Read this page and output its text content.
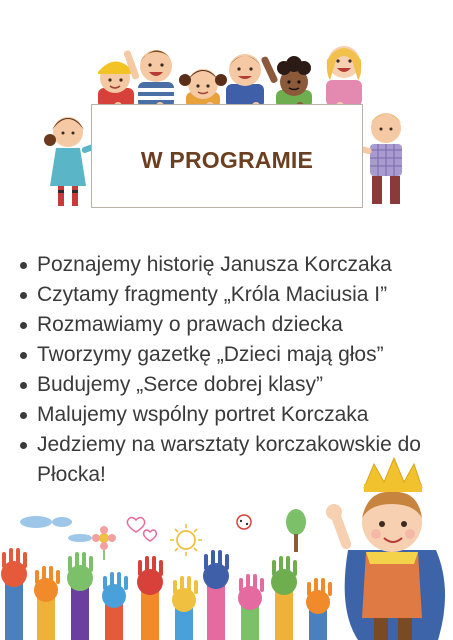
W PROGRAMIE
Poznajemy historię Janusza Korczaka
Czytamy fragmenty „Króla Maciusia I”
Rozmawiamy o prawach dziecka
Tworzymy gazetkę „Dzieci mają głos”
Budujemy „Serce dobrej klasy”
Malujemy wspólny portret Korczaka
Jedziemy na warsztaty korczakowskie do
Płocka!
